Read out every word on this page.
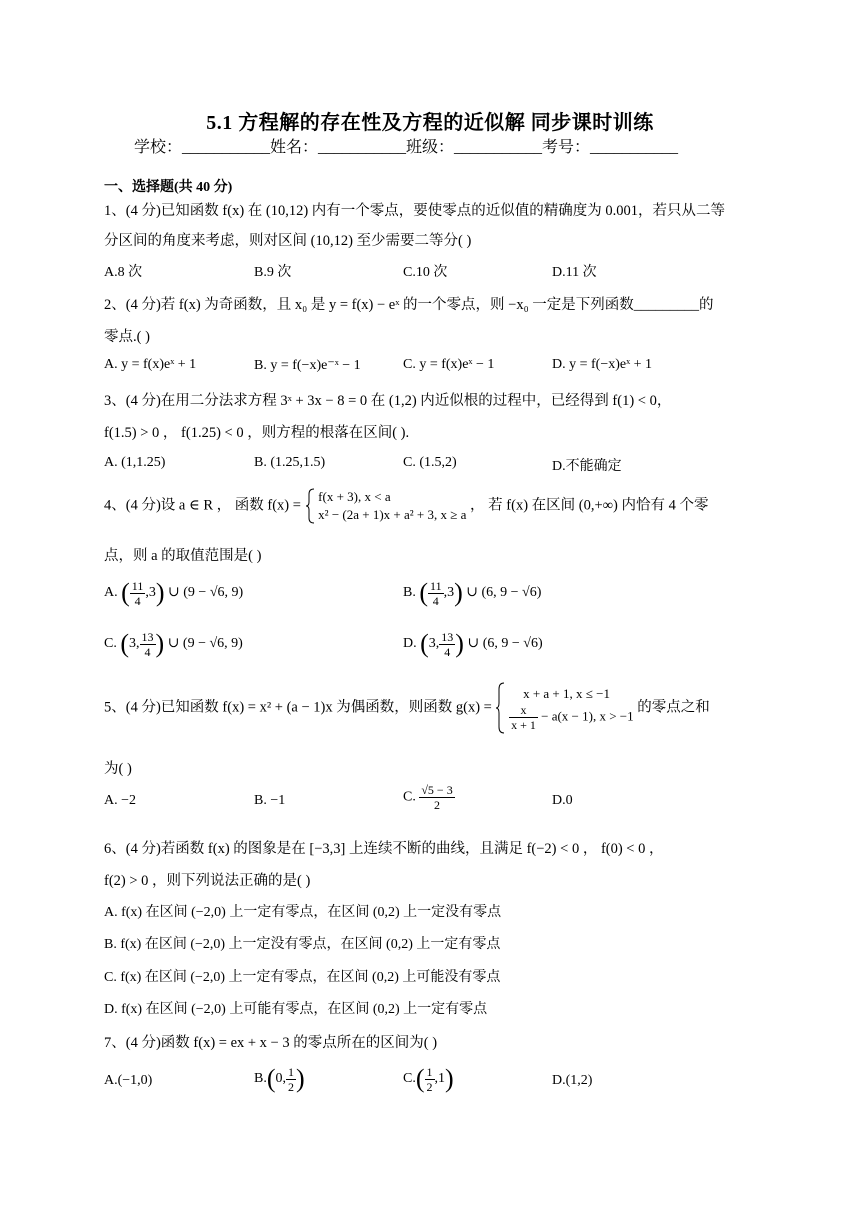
5.1 方程解的存在性及方程的近似解 同步课时训练
学校：___________姓名：___________班级：___________考号：___________
一、选择题(共 40 分)
1、(4 分)已知函数 f(x) 在 (10,12) 内有一个零点，要使零点的近似值的精确度为 0.001，若只从二等
分区间的角度来考虑，则对区间 (10,12) 至少需要二等分( )
A.8 次	B.9 次	C.10 次	D.11 次
2、(4 分)若 f(x) 为奇函数，且 x₀ 是 y = f(x) − eˣ 的一个零点，则 −x₀ 一定是下列函数_________的
零点.( )
A. y = f(x)eˣ + 1	B. y = f(−x)e⁻ˣ − 1	C. y = f(x)eˣ − 1	D. y = f(−x)eˣ + 1
3、(4 分)在用二分法求方程 3ˣ + 3x − 8 = 0 在 (1,2) 内近似根的过程中，已经得到 f(1) < 0，
f(1.5) > 0 ， f(1.25) < 0 ，则方程的根落在区间( ).
A. (1,1.25)	B. (1.25,1.5)	C. (1.5,2)	D.不能确定
4、(4 分)设 a ∈ R ， 函数 f(x) =
f(x + 3), x < a
x² − (2a + 1)x + a² + 3, x ≥ a
， 若 f(x) 在区间 (0,+∞) 内恰有 4 个零
点，则 a 的取值范围是( )
A. ( $\frac{11}{4} ,3$) ∪ (9 − √6, 9)	B. ( $\frac{11}{4} ,3$) ∪ (6, 9 − √6)
C. (3, $\frac{13}{4}$ ) ∪ (9 − √6, 9)	D. (3, $\frac{13}{4}$ ) ∪ (6, 9 − √6)
5、(4 分)已知函数 f(x) = x² + (a − 1)x 为偶函数，则函数 g(x) =
x + a + 1, x ≤ −1
$\frac{x}{x + 1} - a(x - 1)$, x > −1
的零点之和
为( )
A. −2	B. −1	C. $\frac{√5 - 3}{2}$	D.0
6、(4 分)若函数 f(x) 的图象是在 [−3,3] 上连续不断的曲线，且满足 f(−2) < 0 ， f(0) < 0 ，
f(2) > 0 ，则下列说法正确的是( )
A. f(x) 在区间 (−2,0) 上一定有零点，在区间 (0,2) 上一定没有零点
B. f(x) 在区间 (−2,0) 上一定没有零点，在区间 (0,2) 上一定有零点
C. f(x) 在区间 (−2,0) 上一定有零点，在区间 (0,2) 上可能没有零点
D. f(x) 在区间 (−2,0) 上可能有零点，在区间 (0,2) 上一定有零点
7、(4 分)函数 f(x) = ex + x − 3 的零点所在的区间为( )
A.(−1,0)	B.(0, $\frac{1}{2}$ )	$C.( \frac{1}{2} ,1)$	D.(1,2)
